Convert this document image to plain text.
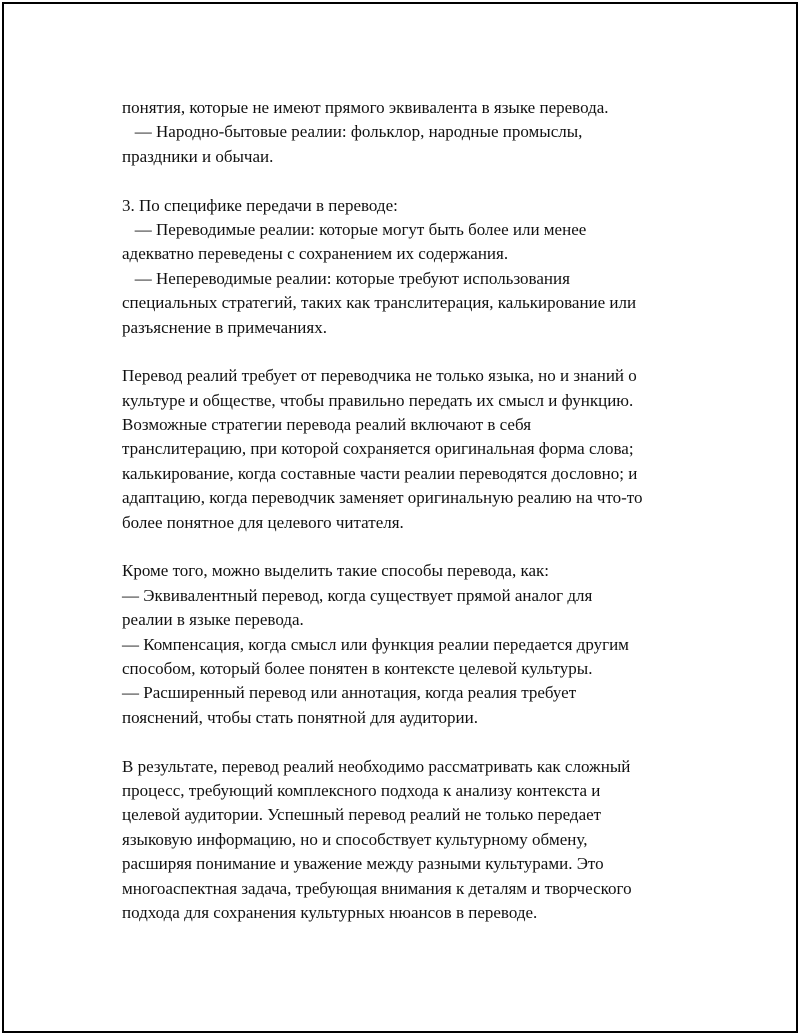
понятия, которые не имеют прямого эквивалента в языке перевода.
— Народно-бытовые реалии: фольклор, народные промыслы,
праздники и обычаи.
3. По специфике передачи в переводе:
— Переводимые реалии: которые могут быть более или менее
адекватно переведены с сохранением их содержания.
— Непереводимые реалии: которые требуют использования
специальных стратегий, таких как транслитерация, калькирование или
разъяснение в примечаниях.
Перевод реалий требует от переводчика не только языка, но и знаний о
культуре и обществе, чтобы правильно передать их смысл и функцию.
Возможные стратегии перевода реалий включают в себя
транслитерацию, при которой сохраняется оригинальная форма слова;
калькирование, когда составные части реалии переводятся дословно; и
адаптацию, когда переводчик заменяет оригинальную реалию на что-то
более понятное для целевого читателя.
Кроме того, можно выделить такие способы перевода, как:
— Эквивалентный перевод, когда существует прямой аналог для
реалии в языке перевода.
— Компенсация, когда смысл или функция реалии передается другим
способом, который более понятен в контексте целевой культуры.
— Расширенный перевод или аннотация, когда реалия требует
пояснений, чтобы стать понятной для аудитории.
В результате, перевод реалий необходимо рассматривать как сложный
процесс, требующий комплексного подхода к анализу контекста и
целевой аудитории. Успешный перевод реалий не только передает
языковую информацию, но и способствует культурному обмену,
расширяя понимание и уважение между разными культурами. Это
многоаспектная задача, требующая внимания к деталям и творческого
подхода для сохранения культурных нюансов в переводе.
